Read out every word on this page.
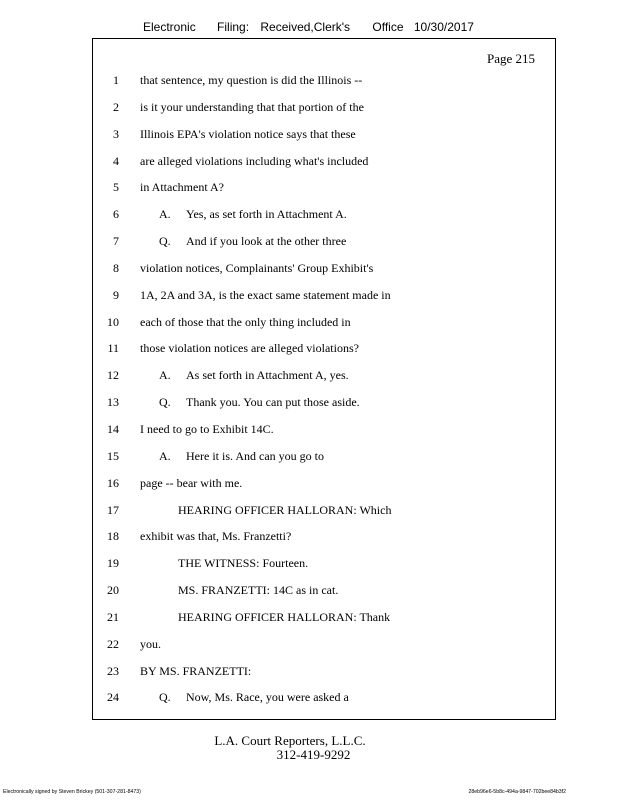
Electronic Filing: Received,Clerk's Office 10/30/2017
Page 215
1 that sentence, my question is did the Illinois --
2 is it your understanding that that portion of the
3 Illinois EPA's violation notice says that these
4 are alleged violations including what's included
5 in Attachment A?
6	A. Yes, as set forth in Attachment A.
7	Q. And if you look at the other three
8 violation notices, Complainants' Group Exhibit's
9 1A, 2A and 3A, is the exact same statement made in
10 each of those that the only thing included in
11 those violation notices are alleged violations?
12	A. As set forth in Attachment A, yes.
13	Q. Thank you. You can put those aside.
14 I need to go to Exhibit 14C.
15	A. Here it is. And can you go to
16 page -- bear with me.
17	HEARING OFFICER HALLORAN: Which
18 exhibit was that, Ms. Franzetti?
19	THE WITNESS: Fourteen.
20	MS. FRANZETTI: 14C as in cat.
21	HEARING OFFICER HALLORAN: Thank
22 you.
23 BY MS. FRANZETTI:
24	Q. Now, Ms. Race, you were asked a
L.A. Court Reporters, L.L.C.
312-419-9292
Electronically signed by Steven Brickey (501-307-281-8473)	28eb96e6-5b8c-494a-9847-702bee84b3f2
